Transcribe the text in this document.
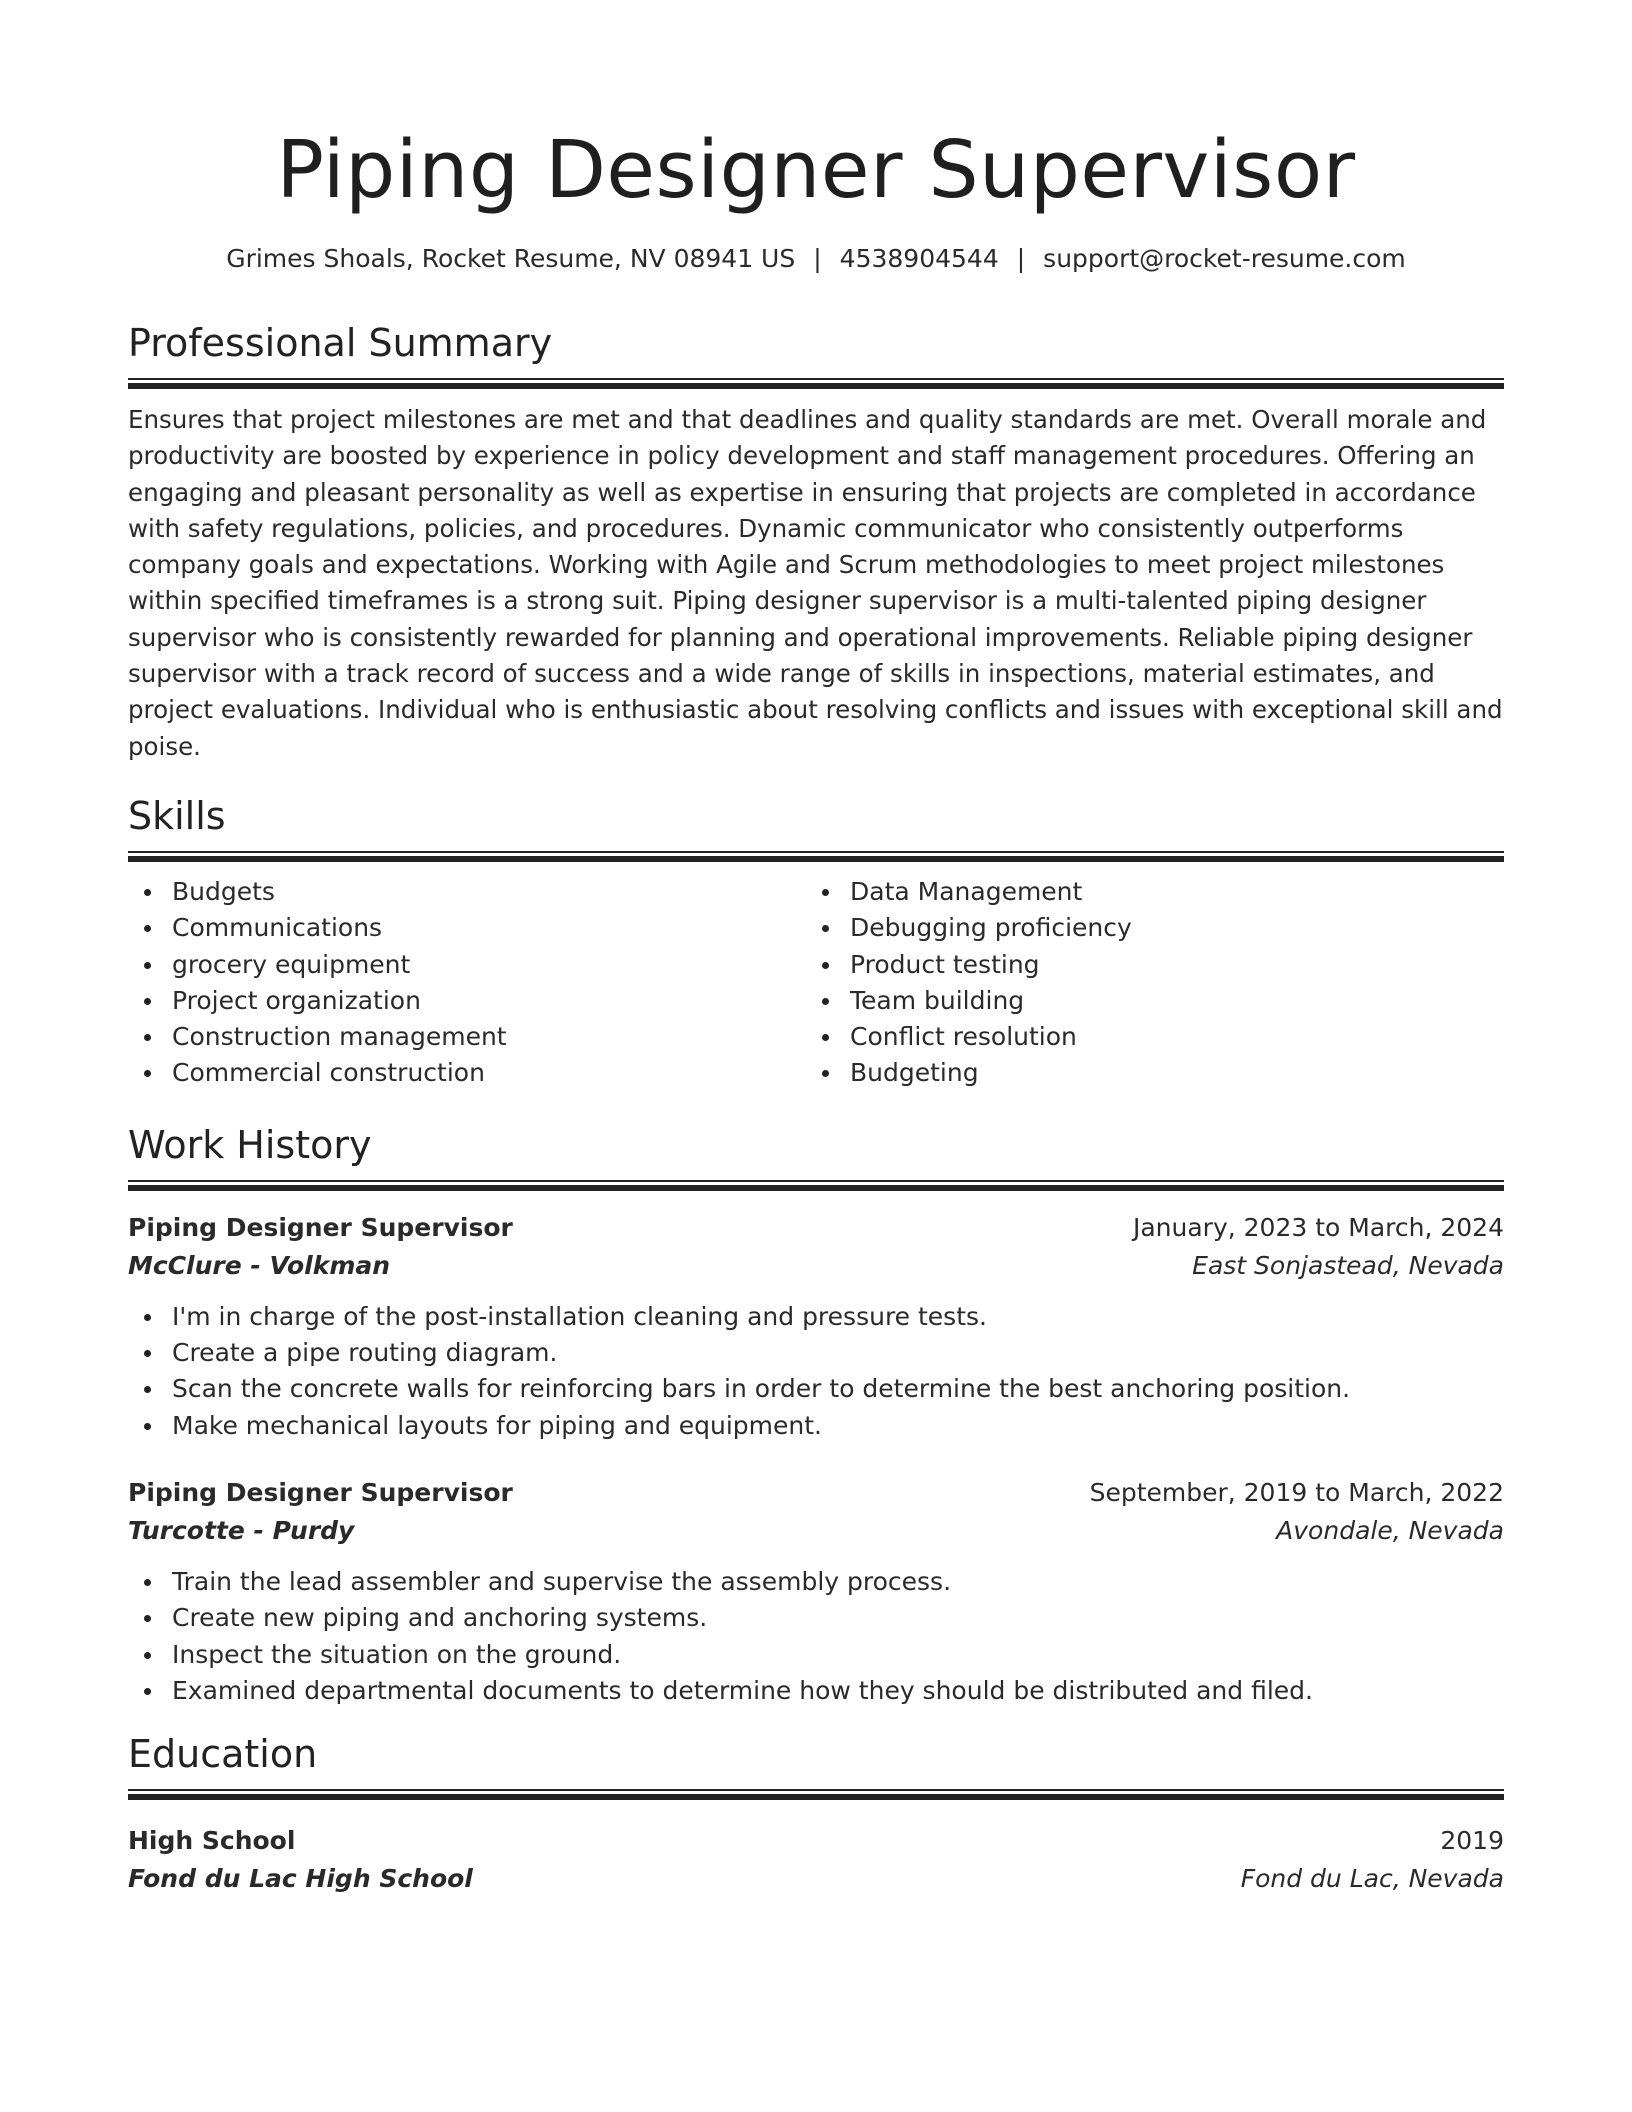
Piping Designer Supervisor
Grimes Shoals, Rocket Resume, NV 08941 US | 4538904544 | support@rocket-resume.com
Professional Summary

Ensures that project milestones are met and that deadlines and quality standards are met. Overall morale and productivity are boosted by experience in policy development and staff management procedures. Offering an engaging and pleasant personality as well as expertise in ensuring that projects are completed in accordance with safety regulations, policies, and procedures. Dynamic communicator who consistently outperforms company goals and expectations. Working with Agile and Scrum methodologies to meet project milestones within specified timeframes is a strong suit. Piping designer supervisor is a multi-talented piping designer supervisor who is consistently rewarded for planning and operational improvements. Reliable piping designer supervisor with a track record of success and a wide range of skills in inspections, material estimates, and project evaluations. Individual who is enthusiastic about resolving conflicts and issues with exceptional skill and poise.

Skills
Budgets
Communications
grocery equipment
Project organization
Construction management
Commercial construction
Data Management
Debugging proficiency
Product testing
Team building
Conflict resolution
Budgeting
Work History
Piping Designer Supervisor	January, 2023 to March, 2024
McClure - Volkman	East Sonjastead, Nevada
I'm in charge of the post-installation cleaning and pressure tests.
Create a pipe routing diagram.
Scan the concrete walls for reinforcing bars in order to determine the best anchoring position.
Make mechanical layouts for piping and equipment.
Piping Designer Supervisor	September, 2019 to March, 2022
Turcotte - Purdy	Avondale, Nevada
Train the lead assembler and supervise the assembly process.
Create new piping and anchoring systems.
Inspect the situation on the ground.
Examined departmental documents to determine how they should be distributed and filed.
Education
High School	2019
Fond du Lac High School	Fond du Lac, Nevada
